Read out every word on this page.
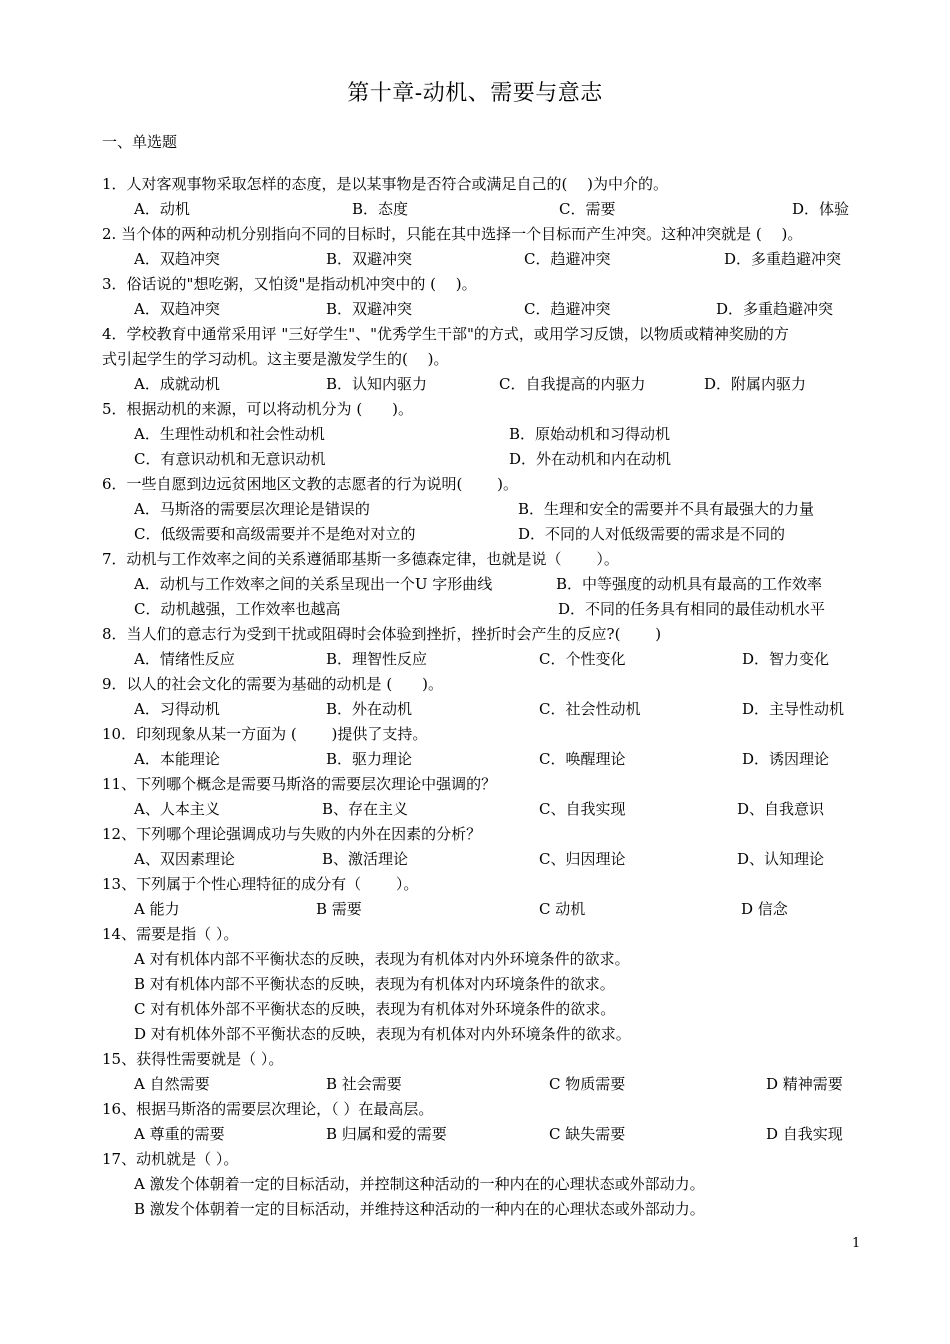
第十章-动机、需要与意志
一、单选题
1．人对客观事物采取怎样的态度，是以某事物是否符合或满足自己的(　 )为中介的。
A．动机	B．态度	C．需要	D．体验
2. 当个体的两种动机分别指向不同的目标时，只能在其中选择一个目标而产生冲突。这种冲突就是 (　 )。
A．双趋冲突	B．双避冲突	C．趋避冲突	D．多重趋避冲突
3．俗话说的"想吃粥，又怕烫"是指动机冲突中的 (　 )。
A．双趋冲突	B．双避冲突	C．趋避冲突	D．多重趋避冲突
4．学校教育中通常采用评 "三好学生"、"优秀学生干部"的方式，或用学习反馈，以物质或精神奖励的方
式引起学生的学习动机。这主要是激发学生的(　 )。
A．成就动机	B．认知内驱力	C．自我提高的内驱力	D．附属内驱力
5．根据动机的来源，可以将动机分为 (　　)。
A．生理性动机和社会性动机	B．原始动机和习得动机
C．有意识动机和无意识动机	D．外在动机和内在动机
6．一些自愿到边远贫困地区文教的志愿者的行为说明(　　 )。
A．马斯洛的需要层次理论是错误的	B．生理和安全的需要并不具有最强大的力量
C．低级需要和高级需要并不是绝对对立的	D．不同的人对低级需要的需求是不同的
7．动机与工作效率之间的关系遵循耶基斯一多德森定律，也就是说（　　 ）。
A．动机与工作效率之间的关系呈现出一个U 字形曲线	B．中等强度的动机具有最高的工作效率
C．动机越强，工作效率也越高	D．不同的任务具有相同的最佳动机水平
8．当人们的意志行为受到干扰或阻碍时会体验到挫折，挫折时会产生的反应?(　　 )
A．情绪性反应	B．理智性反应	C．个性变化	D．智力变化
9．以人的社会文化的需要为基础的动机是 (　　)。
A．习得动机	B．外在动机	C．社会性动机	D．主导性动机
10．印刻现象从某一方面为 (　　 )提供了支持。
A．本能理论	B．驱力理论	C．唤醒理论	D．诱因理论
11、下列哪个概念是需要马斯洛的需要层次理论中强调的？
A、人本主义	B、存在主义	C、自我实现	D、自我意识
12、下列哪个理论强调成功与失败的内外在因素的分析？
A、双因素理论	B、激活理论	C、归因理论	D、认知理论
13、下列属于个性心理特征的成分有（　　 ）。
A 能力	B 需要	C 动机	D 信念
14、需要是指（ ）。
A 对有机体内部不平衡状态的反映，表现为有机体对内外环境条件的欲求。
B 对有机体内部不平衡状态的反映，表现为有机体对内环境条件的欲求。
C 对有机体外部不平衡状态的反映，表现为有机体对外环境条件的欲求。
D 对有机体外部不平衡状态的反映，表现为有机体对内外环境条件的欲求。
15、获得性需要就是（ ）。
A 自然需要	B 社会需要	C 物质需要	D 精神需要
16、根据马斯洛的需要层次理论，（ ）在最高层。
A 尊重的需要	B 归属和爱的需要	C 缺失需要	D 自我实现
17、动机就是（ ）。
A 激发个体朝着一定的目标活动，并控制这种活动的一种内在的心理状态或外部动力。
B 激发个体朝着一定的目标活动，并维持这种活动的一种内在的心理状态或外部动力。
1
